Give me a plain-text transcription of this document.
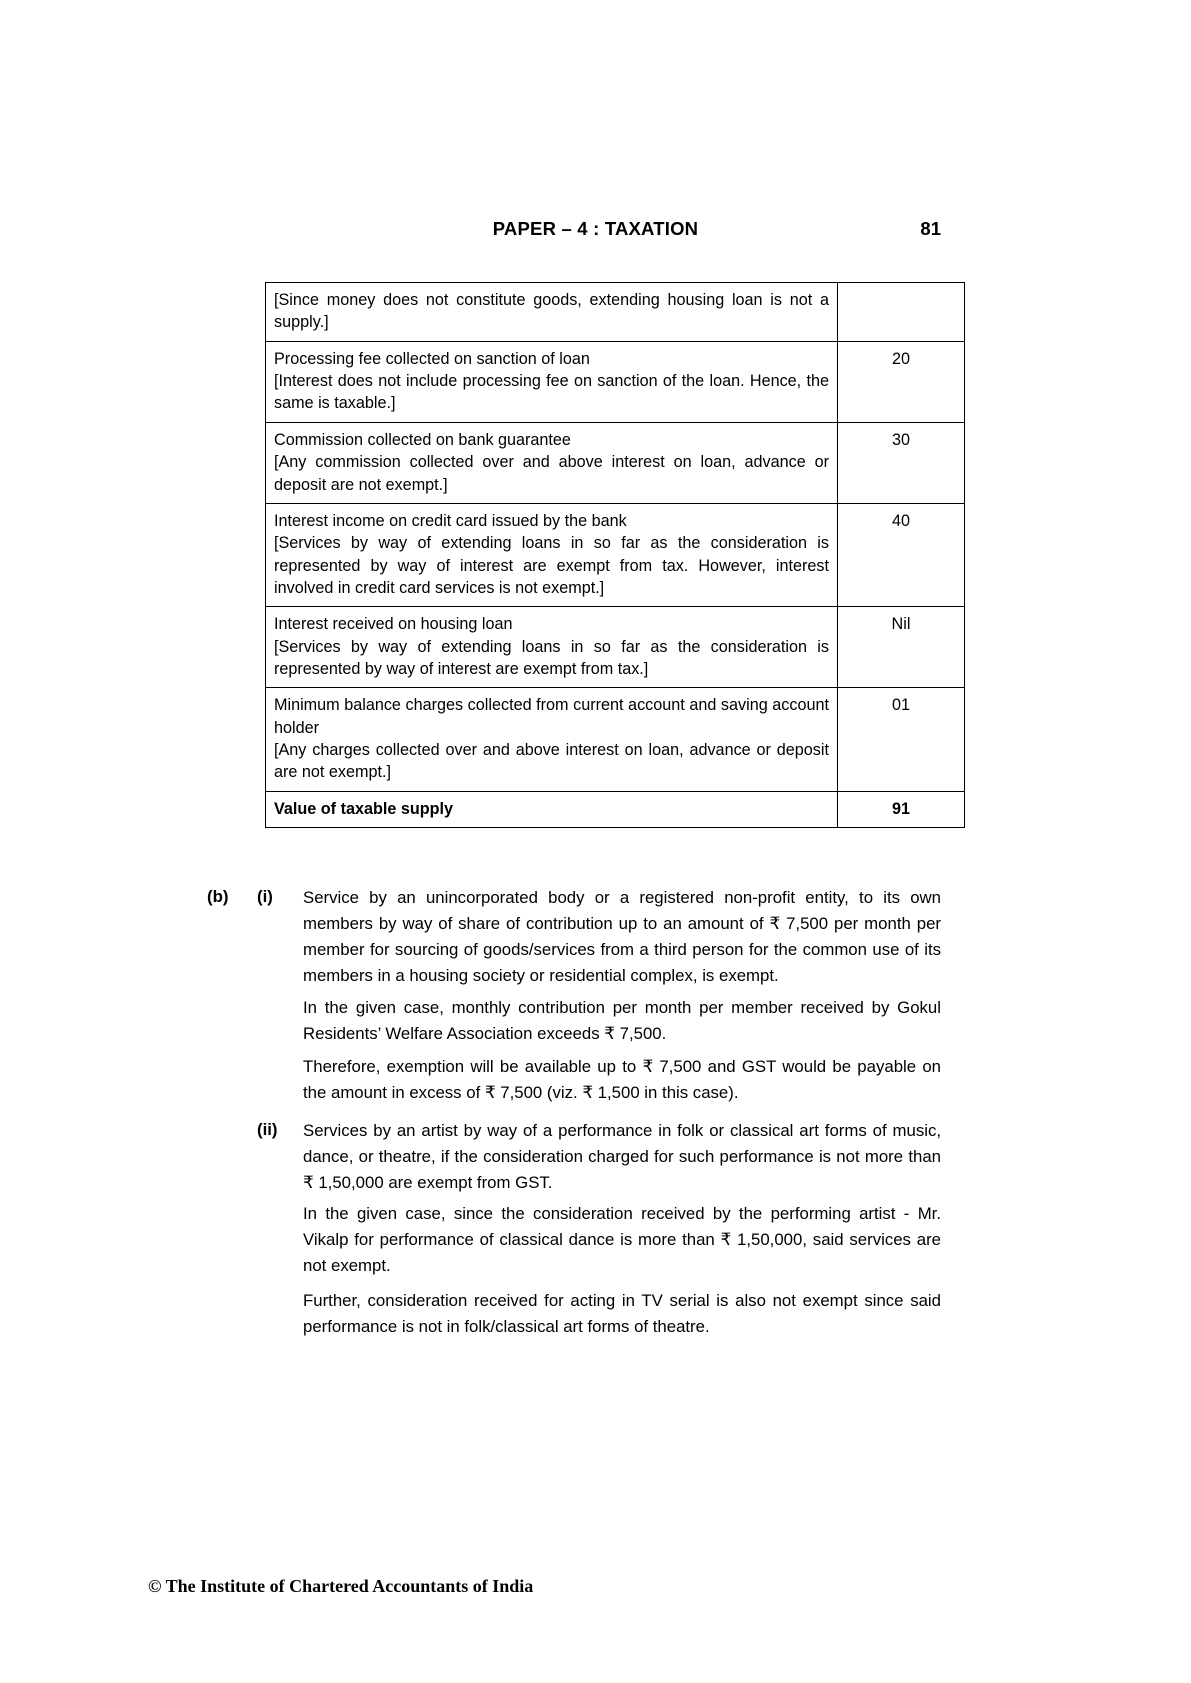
PAPER – 4 : TAXATION	81
[Since money does not constitute goods, extending housing loan is not a supply.]	

Processing fee collected on sanction of loan
[Interest does not include processing fee on sanction of the loan. Hence, the same is taxable.]	20

Commission collected on bank guarantee
[Any commission collected over and above interest on loan, advance or deposit are not exempt.]	30

Interest income on credit card issued by the bank
[Services by way of extending loans in so far as the consideration is represented by way of interest are exempt from tax. However, interest involved in credit card services is not exempt.]	40

Interest received on housing loan
[Services by way of extending loans in so far as the consideration is represented by way of interest are exempt from tax.]	Nil

Minimum balance charges collected from current account and saving account holder
[Any charges collected over and above interest on loan, advance or deposit are not exempt.]	01
Value of taxable supply	91
(b) (i) Service by an unincorporated body or a registered non-profit entity, to its own members by way of share of contribution up to an amount of ₹ 7,500 per month per member for sourcing of goods/services from a third person for the common use of its members in a housing society or residential complex, is exempt.
In the given case, monthly contribution per month per member received by Gokul Residents’ Welfare Association exceeds ₹ 7,500.
Therefore, exemption will be available up to ₹ 7,500 and GST would be payable on the amount in excess of ₹ 7,500 (viz. ₹ 1,500 in this case).
(ii) Services by an artist by way of a performance in folk or classical art forms of music, dance, or theatre, if the consideration charged for such performance is not more than ₹ 1,50,000 are exempt from GST.
In the given case, since the consideration received by the performing artist - Mr. Vikalp for performance of classical dance is more than ₹ 1,50,000, said services are not exempt.
Further, consideration received for acting in TV serial is also not exempt since said performance is not in folk/classical art forms of theatre.
© The Institute of Chartered Accountants of India
